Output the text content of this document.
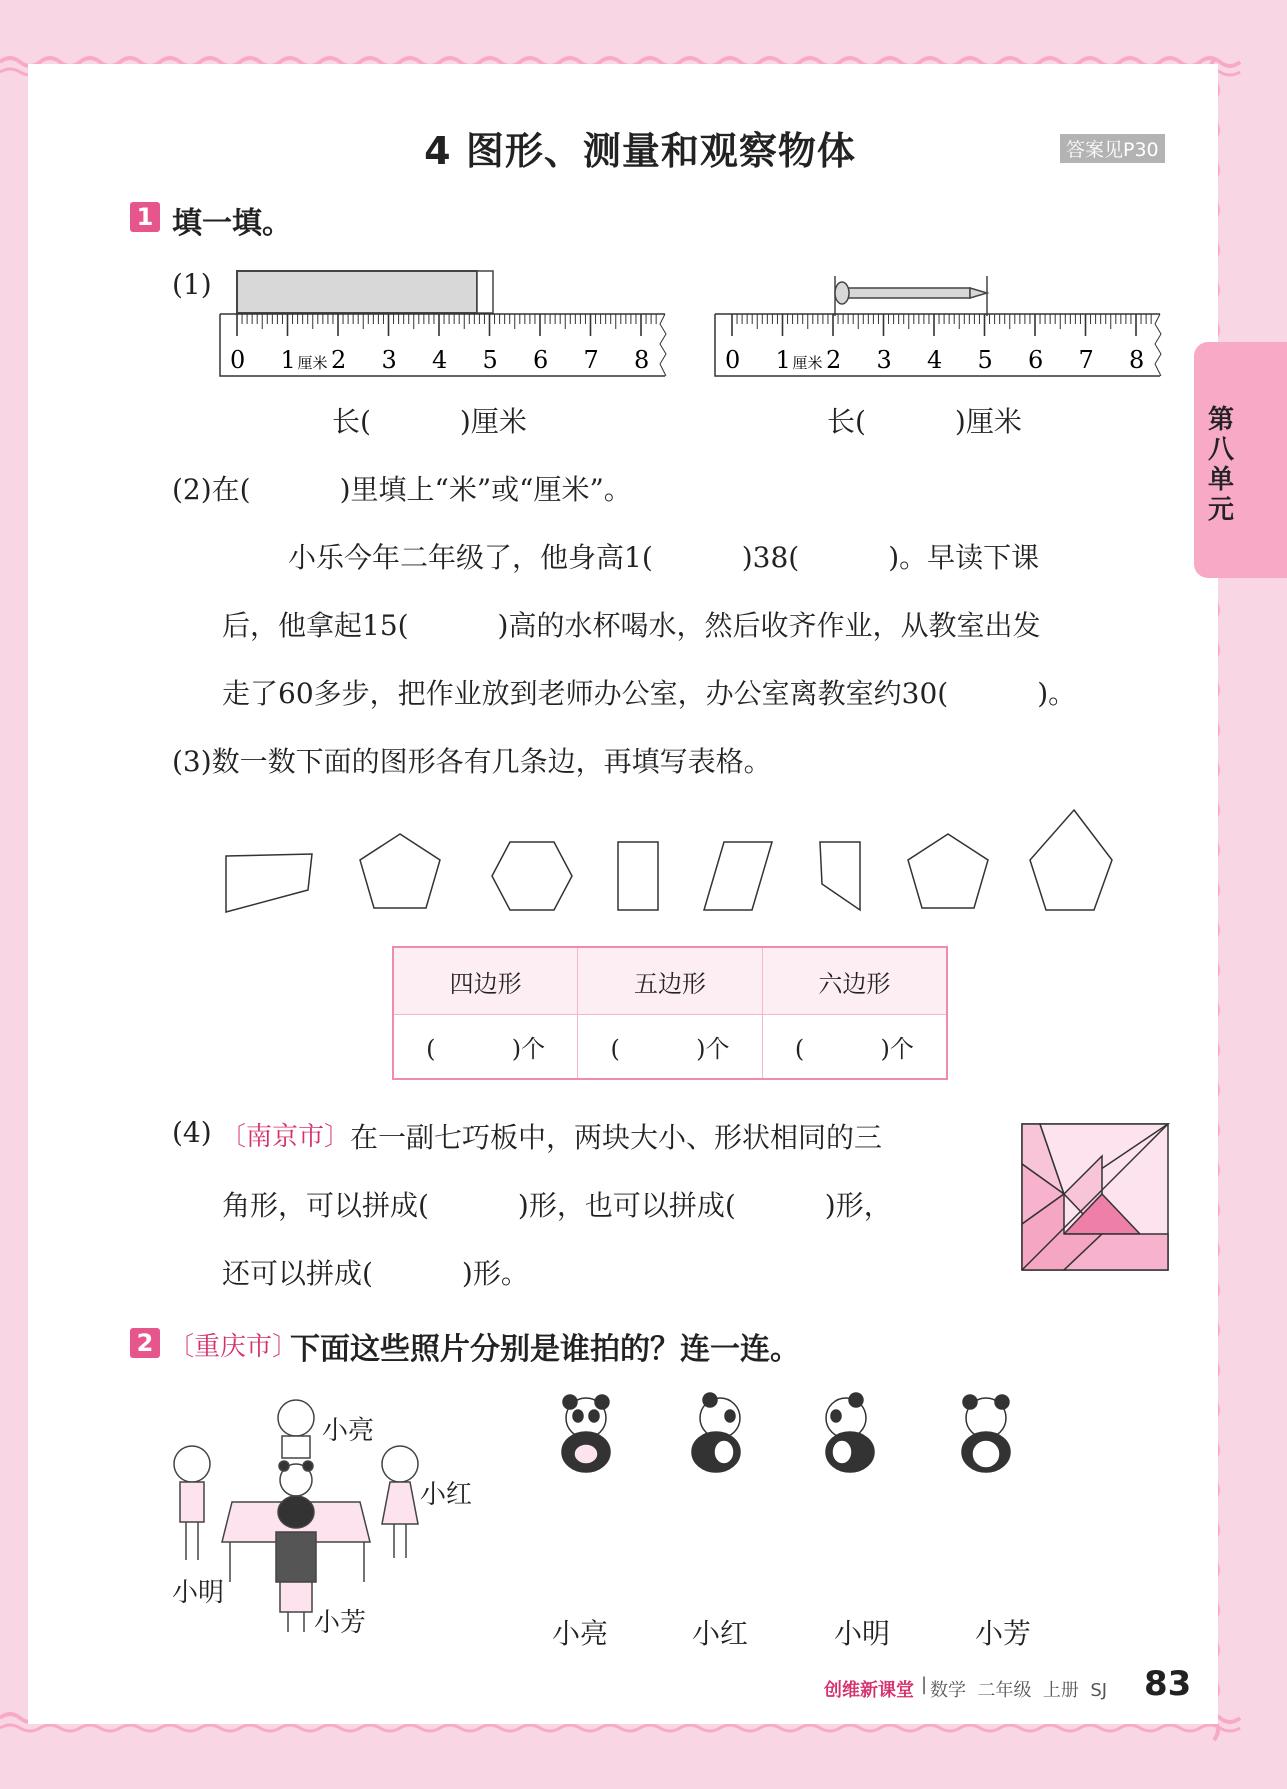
第八单元
4 图形、测量和观察物体	答案见P30
1 填一填。
(1)
0 1 2 3 4 5 6 7 8
厘米	0 1 2 3 4 5 6 7 8
厘米
长(          )厘米	长(          )厘米
(2)在(          )里填上“米”或“厘米”。
小乐今年二年级了，他身高1(          )38(          )。早读下课
后，他拿起15(          )高的水杯喝水，然后收齐作业，从教室出发
走了60多步，把作业放到老师办公室，办公室离教室约30(          )。
(3)数一数下面的图形各有几条边，再填写表格。
四边形	五边形	六边形
(          )个	(          )个	(          )个
(4) 〔南京市〕 在一副七巧板中，两块大小、形状相同的三
角形，可以拼成(          )形，也可以拼成(          )形，
还可以拼成(          )形。
2 〔重庆市〕
下面这些照片分别是谁拍的？连一连。
小亮
小红
小明
小芳	小亮	小红	小明	小芳
创维新课堂 | 数学  二年级  上册  SJ 83
